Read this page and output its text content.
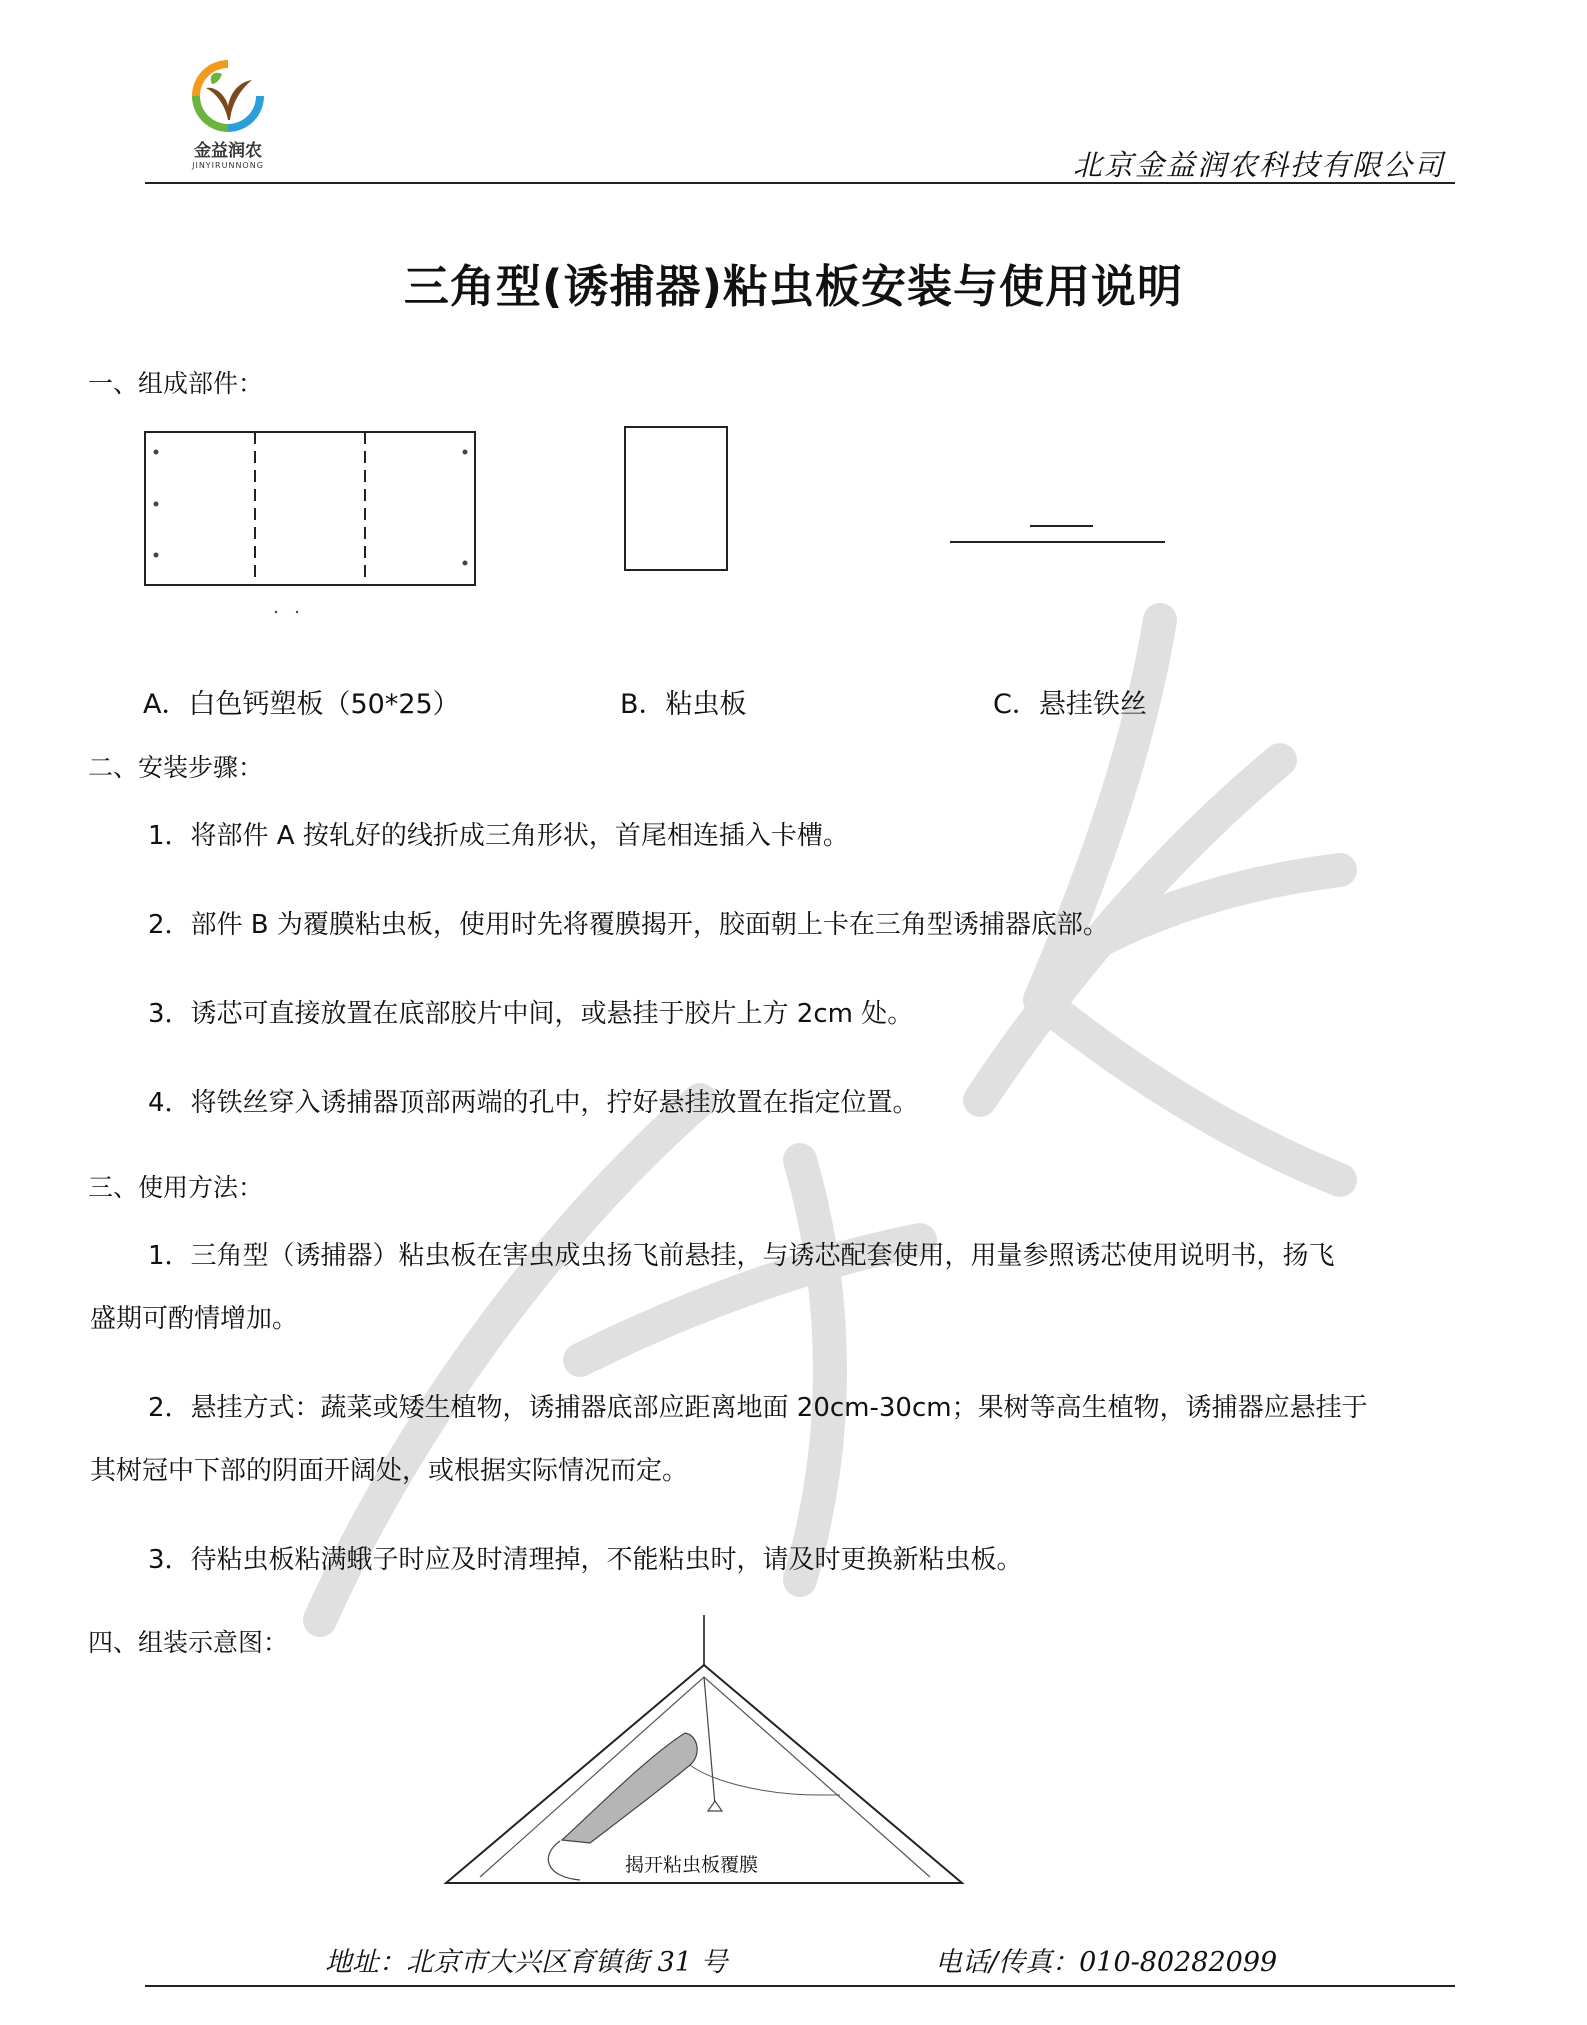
金益润农
JINYIRUNNONG	北京金益润农科技有限公司
三角型(诱捕器)粘虫板安装与使用说明
一、组成部件：
A．白色钙塑板（50*25）	B．粘虫板	C．悬挂铁丝
二、安装步骤：
1．将部件 A 按轧好的线折成三角形状，首尾相连插入卡槽。
2．部件 B 为覆膜粘虫板，使用时先将覆膜揭开，胶面朝上卡在三角型诱捕器底部。
3．诱芯可直接放置在底部胶片中间，或悬挂于胶片上方 2cm 处。
4．将铁丝穿入诱捕器顶部两端的孔中，拧好悬挂放置在指定位置。
三、使用方法：
1．三角型（诱捕器）粘虫板在害虫成虫扬飞前悬挂，与诱芯配套使用，用量参照诱芯使用说明书，扬飞
盛期可酌情增加。
2．悬挂方式：蔬菜或矮生植物，诱捕器底部应距离地面 20cm-30cm；果树等高生植物，诱捕器应悬挂于
其树冠中下部的阴面开阔处，或根据实际情况而定。
3．待粘虫板粘满蛾子时应及时清理掉，不能粘虫时，请及时更换新粘虫板。
四、组装示意图：
揭开粘虫板覆膜
地址：北京市大兴区育镇街 31 号	电话/传真：010-80282099
